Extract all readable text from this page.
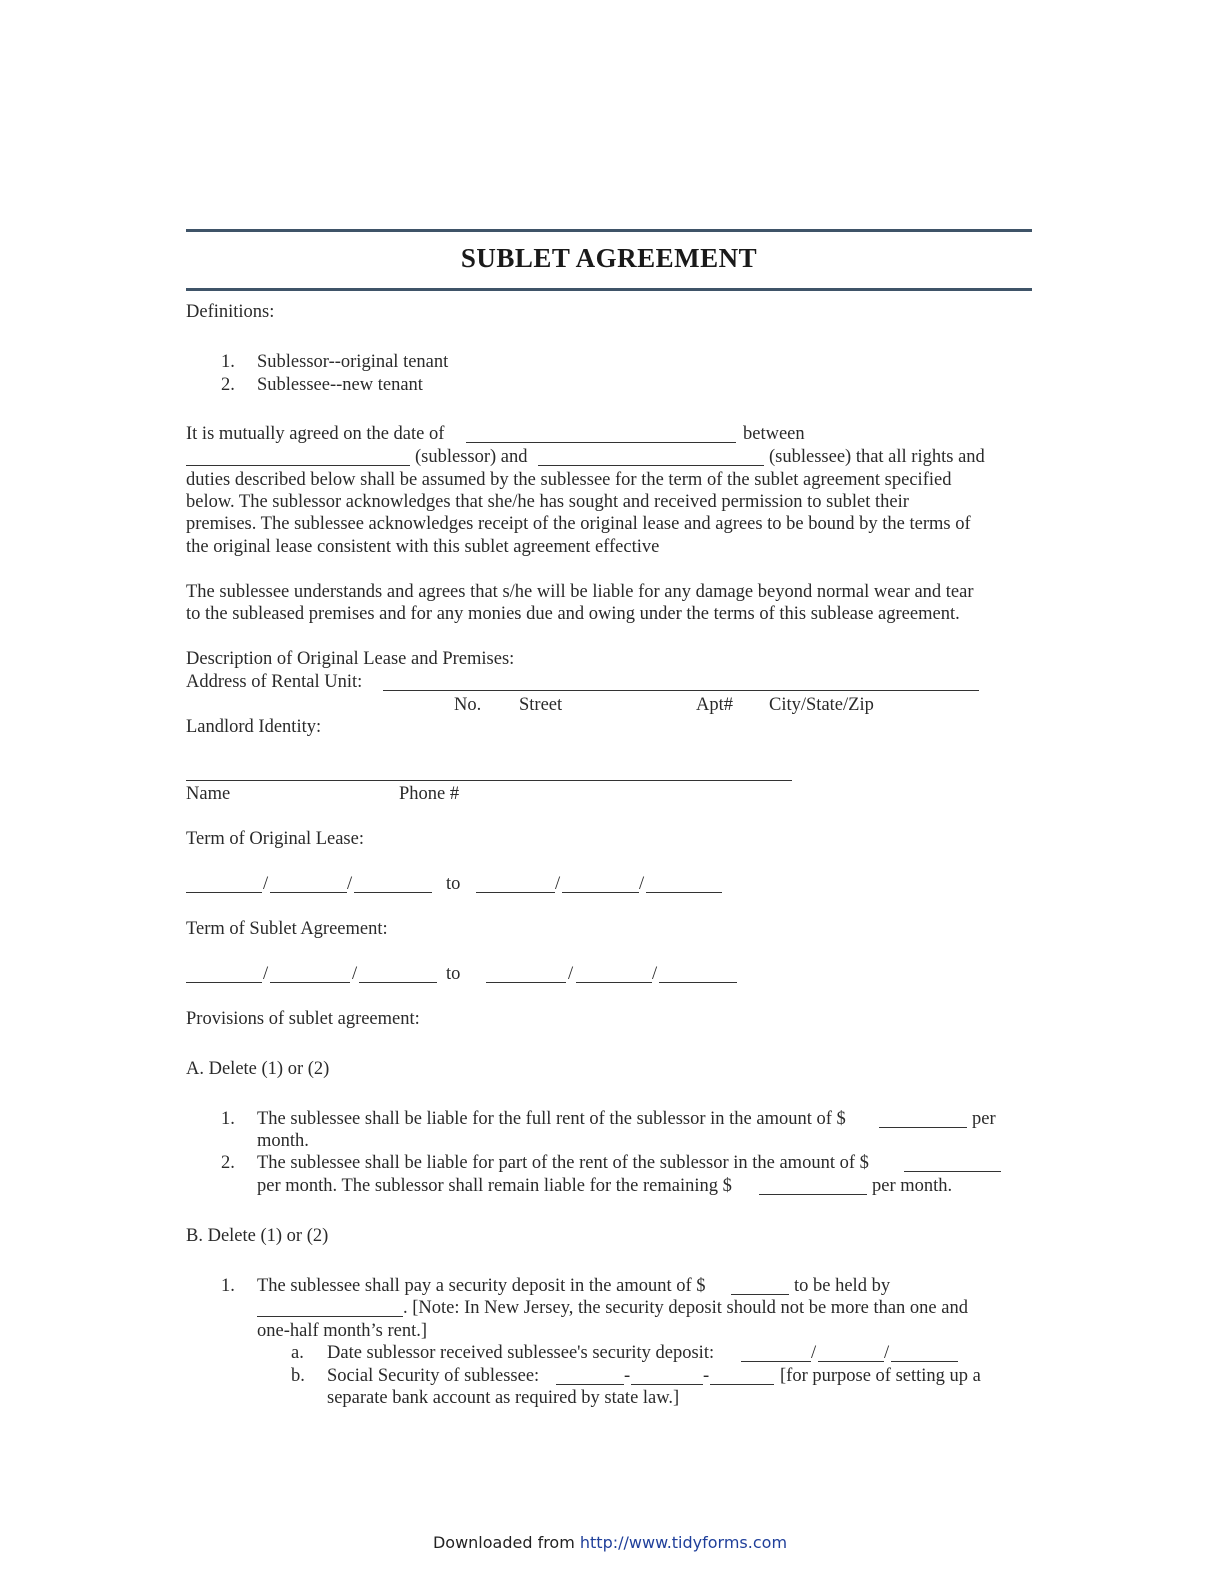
SUBLET AGREEMENT
Definitions:
1. Sublessor--original tenant
2. Sublessee--new tenant
It is mutually agreed on the date of	between
(sublessor) and	(sublessee) that all rights and
duties described below shall be assumed by the sublessee for the term of the sublet agreement specified
below. The sublessor acknowledges that she/he has sought and received permission to sublet their
premises. The sublessee acknowledges receipt of the original lease and agrees to be bound by the terms of
the original lease consistent with this sublet agreement effective
The sublessee understands and agrees that s/he will be liable for any damage beyond normal wear and tear
to the subleased premises and for any monies due and owing under the terms of this sublease agreement.
Description of Original Lease and Premises:
Address of Rental Unit:
No. Street	Apt# City/State/Zip
Landlord Identity:
Name	Phone #
Term of Original Lease:
/	/	to	/	/
Term of Sublet Agreement:
/	/	to	/	/
Provisions of sublet agreement:
A. Delete (1) or (2)
1. The sublessee shall be liable for the full rent of the sublessor in the amount of $	per
month.
2. The sublessee shall be liable for part of the rent of the sublessor in the amount of $
per month. The sublessor shall remain liable for the remaining $	per month.
B. Delete (1) or (2)
1. The sublessee shall pay a security deposit in the amount of $	to be held by
. [Note: In New Jersey, the security deposit should not be more than one and
one-half month’s rent.]
a. Date sublessor received sublessee's security deposit:	/	/
b. Social Security of sublessee:	-	-	[for purpose of setting up a
separate bank account as required by state law.]
Downloaded from http://www.tidyforms.com
